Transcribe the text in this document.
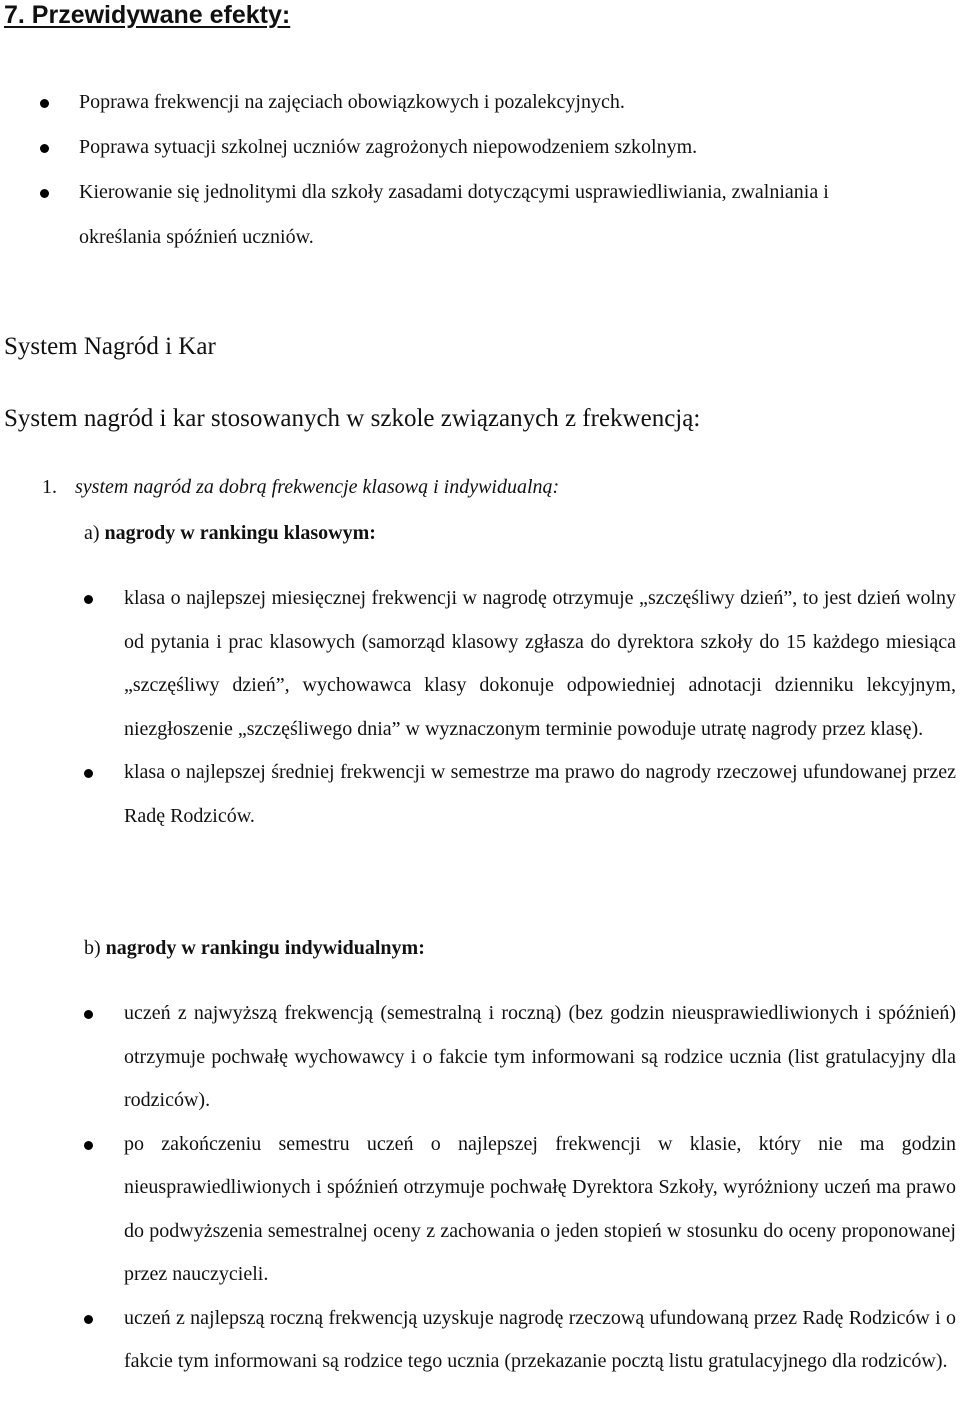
7. Przewidywane efekty:
Poprawa frekwencji na zajęciach obowiązkowych i pozalekcyjnych.
Poprawa sytuacji szkolnej uczniów zagrożonych niepowodzeniem szkolnym.
Kierowanie się jednolitymi dla szkoły zasadami dotyczącymi usprawiedliwiania, zwalniania i określania spóźnień uczniów.
System Nagród i Kar
System nagród i kar stosowanych w szkole związanych z frekwencją:
1. system nagród za dobrą frekwencje klasową i indywidualną:
a) nagrody w rankingu klasowym:
klasa o najlepszej miesięcznej frekwencji w nagrodę otrzymuje „szczęśliwy dzień”, to jest dzień wolny od pytania i prac klasowych (samorząd klasowy zgłasza do dyrektora szkoły do 15 każdego miesiąca „szczęśliwy dzień”, wychowawca klasy dokonuje odpowiedniej adnotacji dzienniku lekcyjnym, niezgłoszenie „szczęśliwego dnia” w wyznaczonym terminie powoduje utratę nagrody przez klasę).
klasa o najlepszej średniej frekwencji w semestrze ma prawo do nagrody rzeczowej ufundowanej przez Radę Rodziców.
b) nagrody w rankingu indywidualnym:
uczeń z najwyższą frekwencją (semestralną i roczną) (bez godzin nieusprawiedliwionych i spóźnień) otrzymuje pochwałę wychowawcy i o fakcie tym informowani są rodzice ucznia (list gratulacyjny dla rodziców).
po zakończeniu semestru uczeń o najlepszej frekwencji w klasie, który nie ma godzin nieusprawiedliwionych i spóźnień otrzymuje pochwałę Dyrektora Szkoły, wyróżniony uczeń ma prawo do podwyższenia semestralnej oceny z zachowania o jeden stopień w stosunku do oceny proponowanej przez nauczycieli.
uczeń z najlepszą roczną frekwencją uzyskuje nagrodę rzeczową ufundowaną przez Radę Rodziców i o fakcie tym informowani są rodzice tego ucznia (przekazanie pocztą listu gratulacyjnego dla rodziców).
